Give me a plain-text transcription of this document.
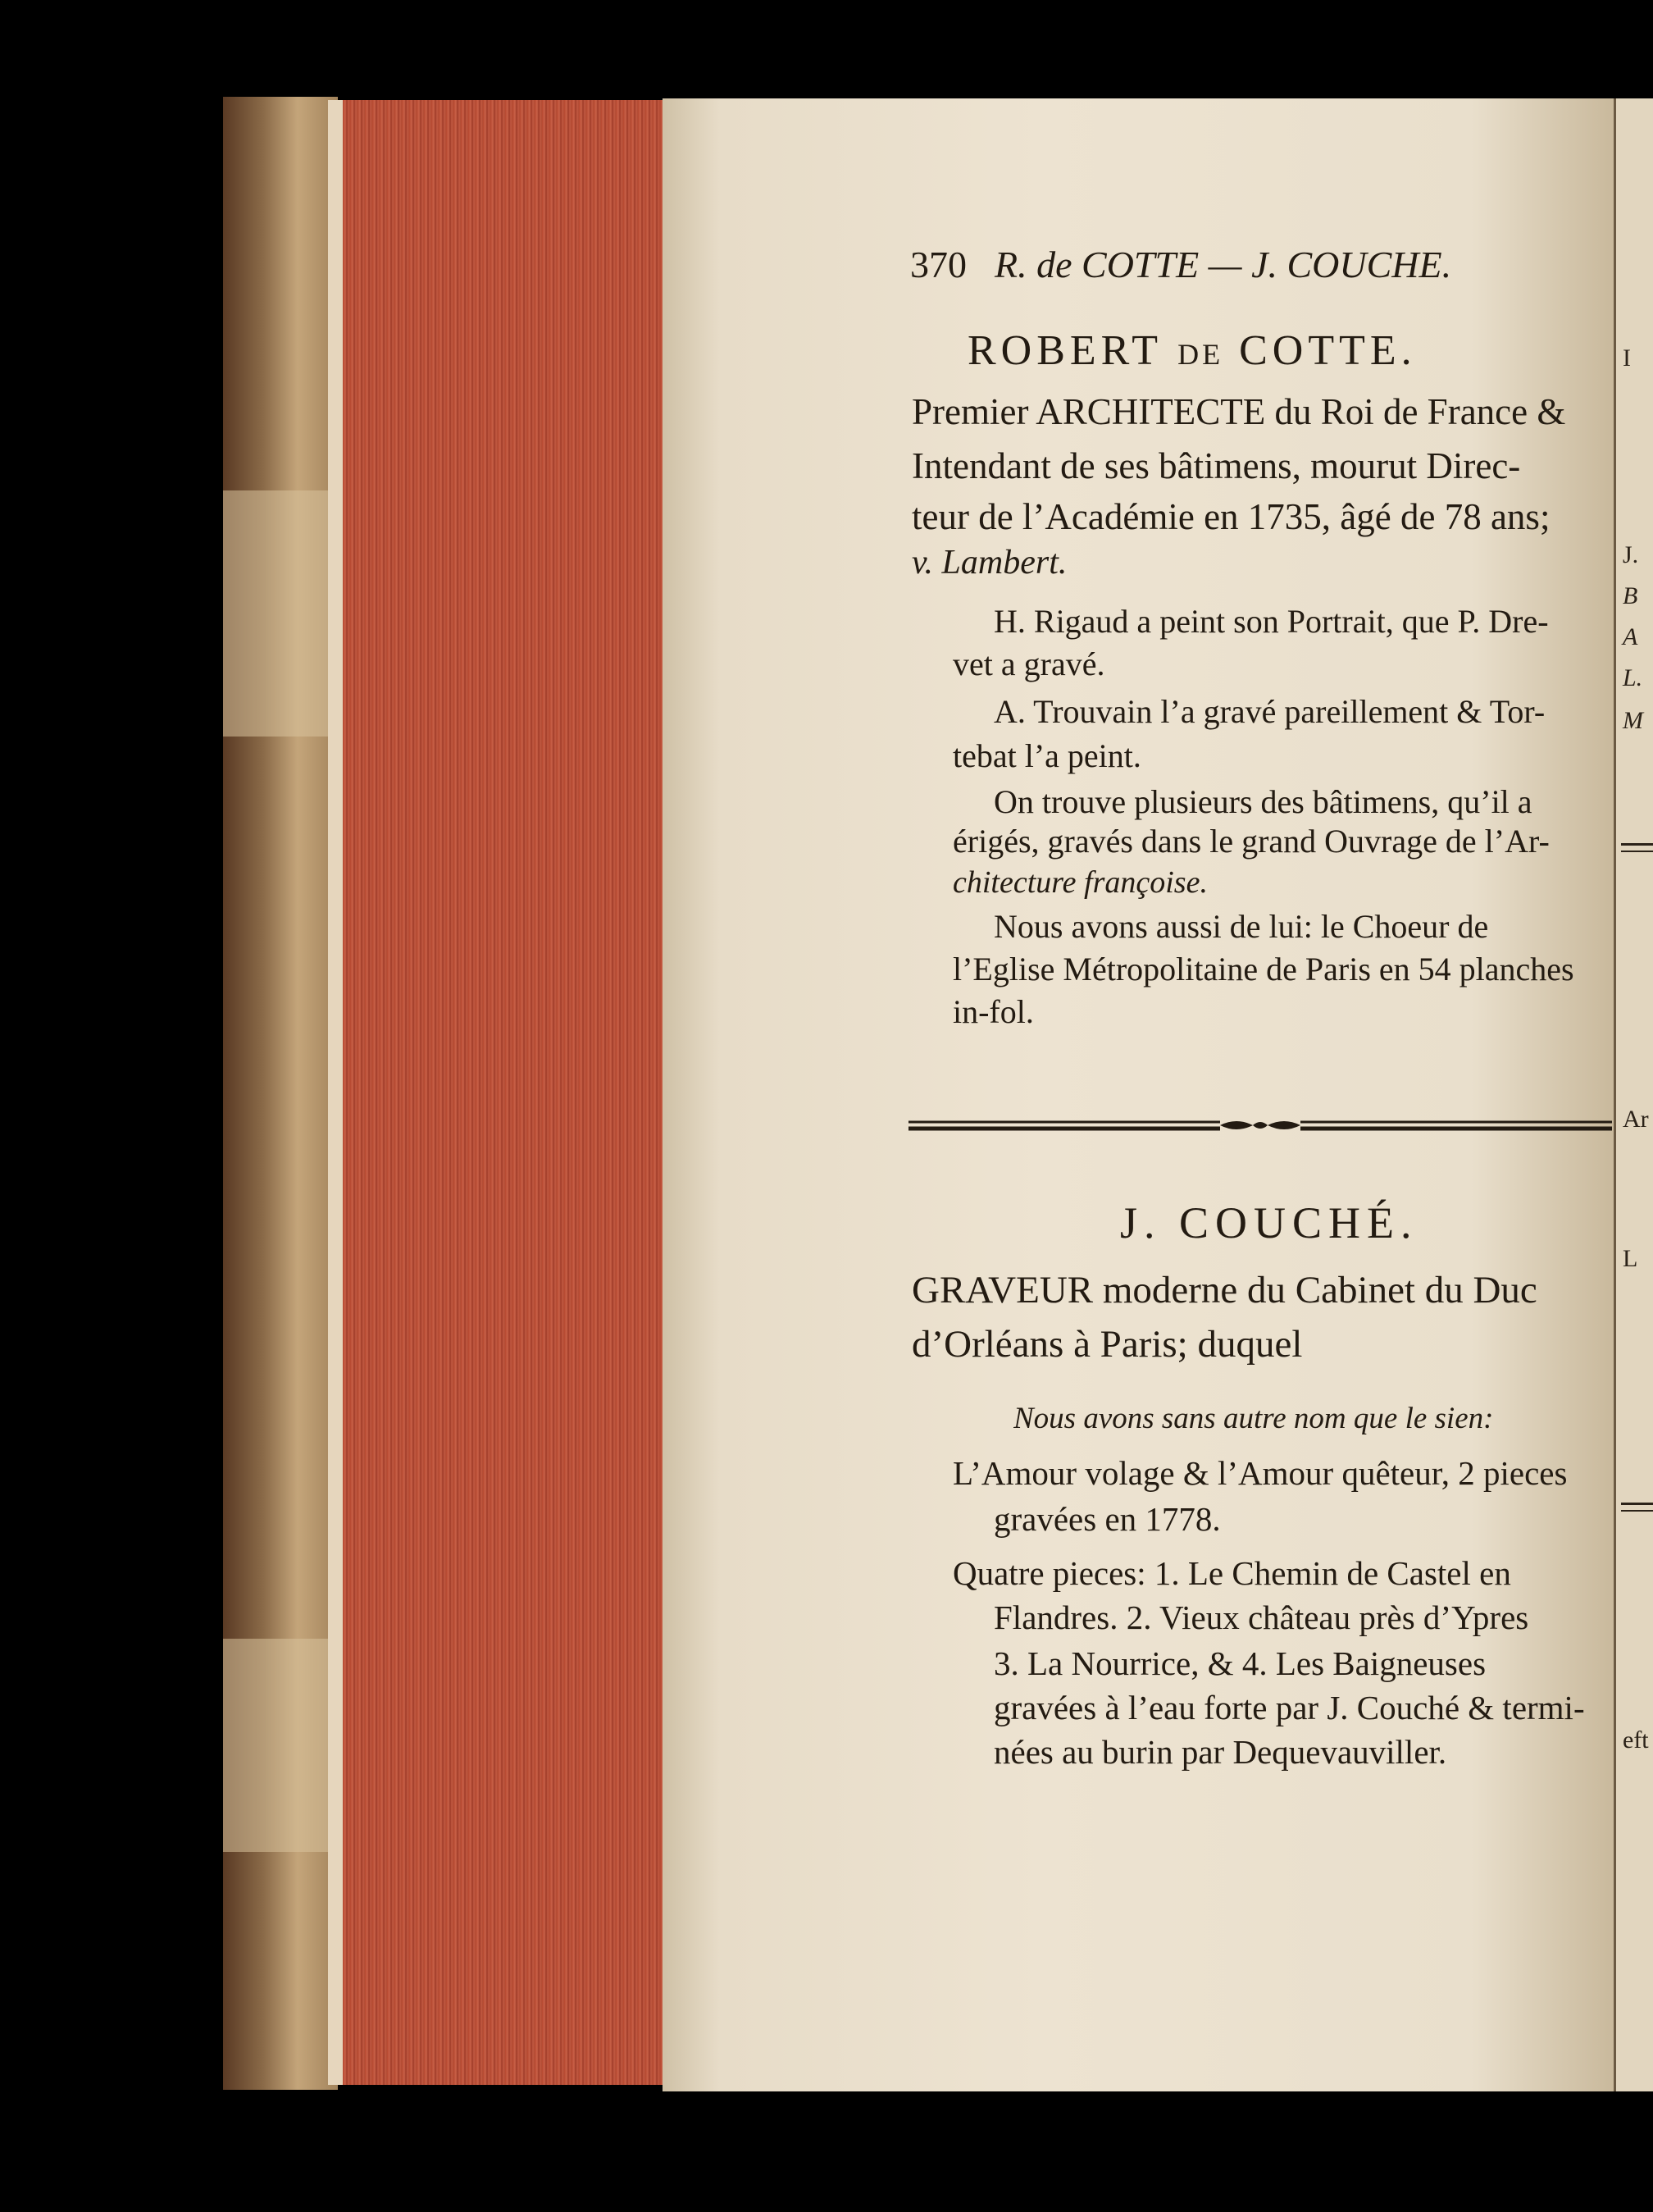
I
J.
B
A
L.
M
Ar
L
eft
370 R. de COTTE — J. COUCHE.
ROBERT DE COTTE.
Premier ARCHITECTE du Roi de France &
Intendant de ses bâtimens, mourut Direc-
teur de l’Académie en 1735, âgé de 78 ans;
v. Lambert.
H. Rigaud a peint son Portrait, que P. Dre-
vet a gravé.
A. Trouvain l’a gravé pareillement & Tor-
tebat l’a peint.
On trouve plusieurs des bâtimens, qu’il a
érigés, gravés dans le grand Ouvrage de l’Ar-
chitecture françoise.
Nous avons aussi de lui: le Choeur de
l’Eglise Métropolitaine de Paris en 54 planches
in-fol.
J. COUCHÉ.
GRAVEUR moderne du Cabinet du Duc
d’Orléans à Paris; duquel
Nous avons sans autre nom que le sien:
L’Amour volage & l’Amour quêteur, 2 pieces
gravées en 1778.
Quatre pieces: 1. Le Chemin de Castel en
Flandres. 2. Vieux château près d’Ypres
3. La Nourrice, & 4. Les Baigneuses
gravées à l’eau forte par J. Couché & termi-
nées au burin par Dequevauviller.
